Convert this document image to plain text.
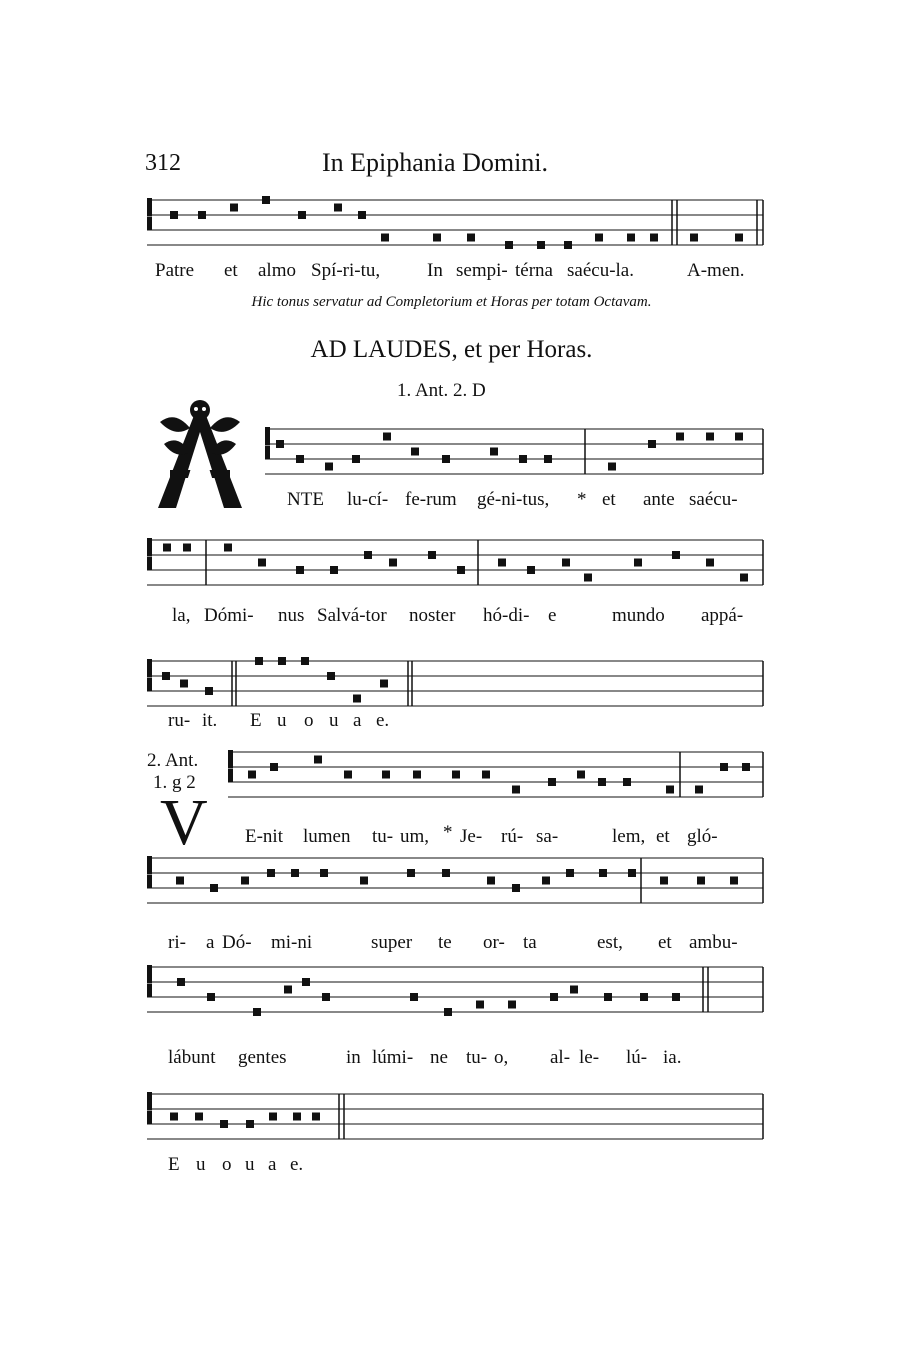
312	In Epiphania Domini.
Patre et almo Spí-ri-tu, In sempi- térna saécu-la.	A-men.
Hic tonus servatur ad Completorium et Horas per totam Octavam.
AD LAUDES, et per Horas.
1. Ant. 2. D
NTE lu-cí- fe-rum gé-ni-tus, * et ante saécu-
la, Dómi- nus Salvá-tor noster hó-di- e	mundo appá-
ru- it. E u o u a e.
2. Ant.
1. g 2
V E-nit lumen tu- um, * Je- rú- sa-	lem, et gló-
ri- a Dó- mi-ni	super te or- ta	est, et ambu-
lábunt gentes	in lúmi- ne tu- o, al- le- lú- ia.
E u o u a e.
